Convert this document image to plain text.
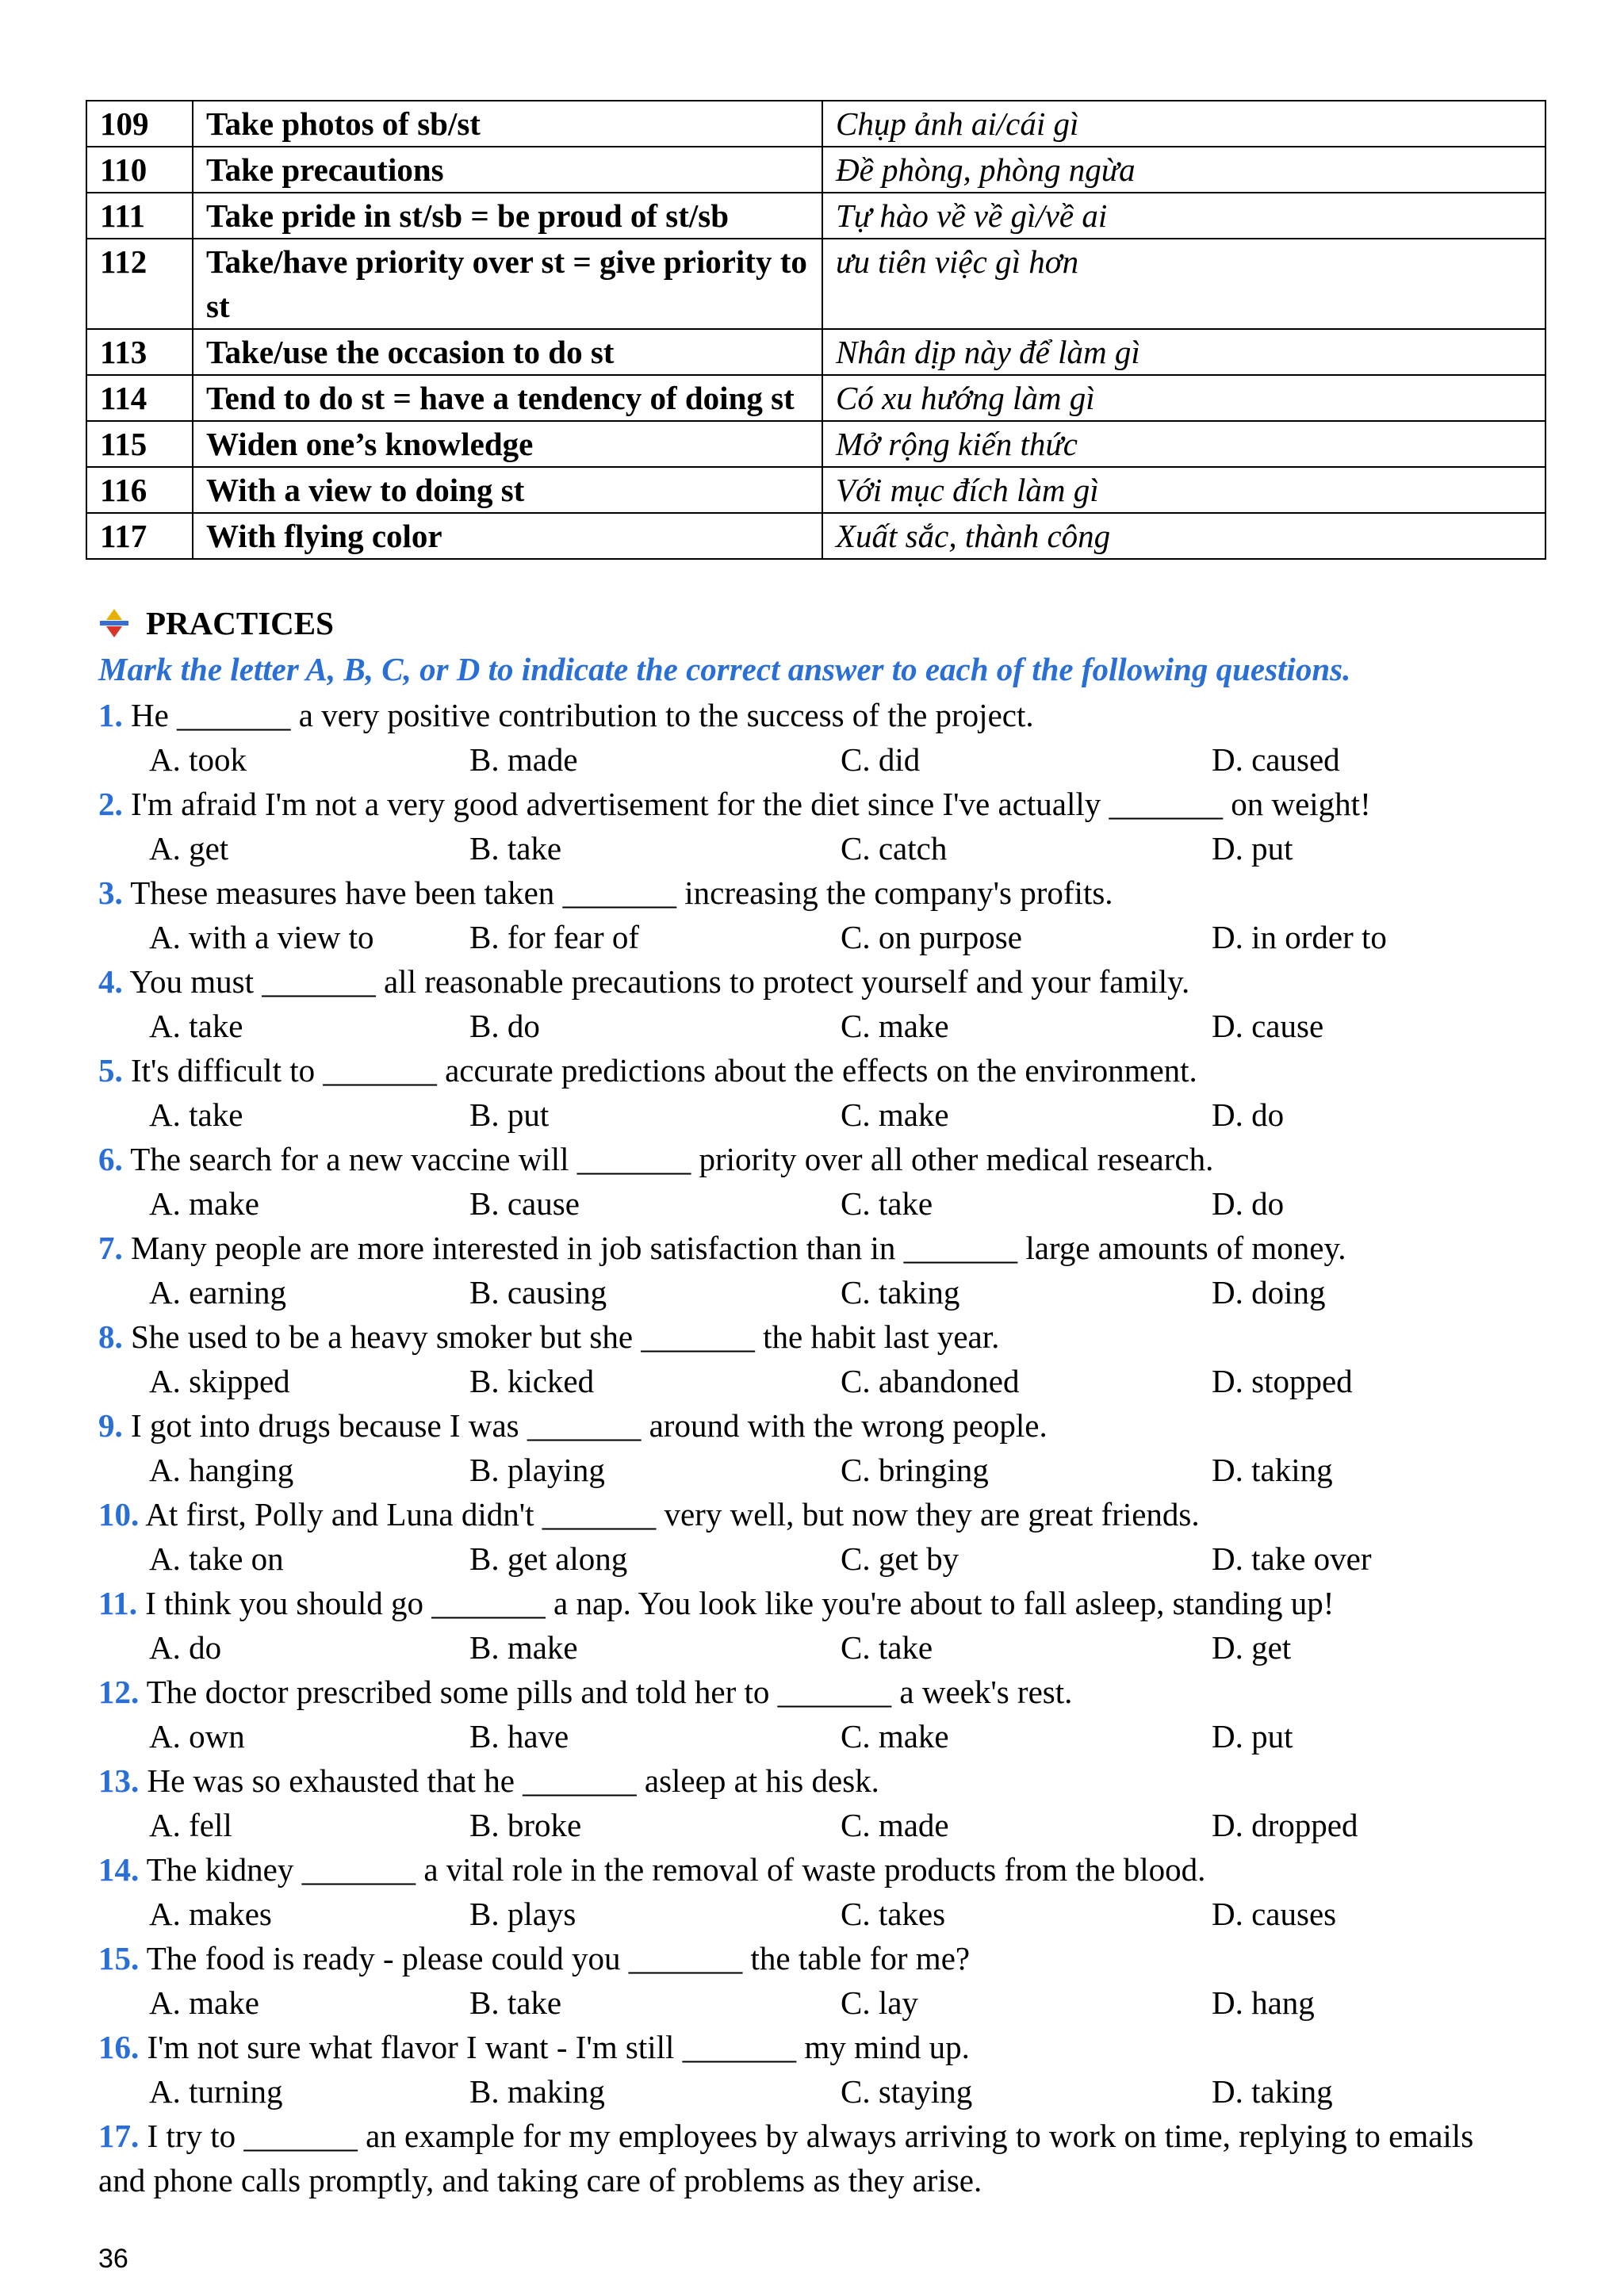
109	Take photos of sb/st	Chụp ảnh ai/cái gì
110	Take precautions	Đề phòng, phòng ngừa
111	Take pride in st/sb = be proud of st/sb	Tự hào về về gì/về ai
112	Take/have priority over st = give priority to st	ưu tiên việc gì hơn
113	Take/use the occasion to do st	Nhân dịp này để làm gì
114	Tend to do st = have a tendency of doing st	Có xu hướng làm gì
115	Widen one’s knowledge	Mở rộng kiến thức
116	With a view to doing st	Với mục đích làm gì
117	With flying color	Xuất sắc, thành công
PRACTICES
Mark the letter A, B, C, or D to indicate the correct answer to each of the following questions.
1. He _______ a very positive contribution to the success of the project.
A. took	B. made	C. did	D. caused
2. I'm afraid I'm not a very good advertisement for the diet since I've actually _______ on weight!
A. get	B. take	C. catch	D. put
3. These measures have been taken _______ increasing the company's profits.
A. with a view to	B. for fear of	C. on purpose	D. in order to
4. You must _______ all reasonable precautions to protect yourself and your family.
A. take	B. do	C. make	D. cause
5. It's difficult to _______ accurate predictions about the effects on the environment.
A. take	B. put	C. make	D. do
6. The search for a new vaccine will _______ priority over all other medical research.
A. make	B. cause	C. take	D. do
7. Many people are more interested in job satisfaction than in _______ large amounts of money.
A. earning	B. causing	C. taking	D. doing
8. She used to be a heavy smoker but she _______ the habit last year.
A. skipped	B. kicked	C. abandoned	D. stopped
9. I got into drugs because I was _______ around with the wrong people.
A. hanging	B. playing	C. bringing	D. taking
10. At first, Polly and Luna didn't _______ very well, but now they are great friends.
A. take on	B. get along	C. get by	D. take over
11. I think you should go _______ a nap. You look like you're about to fall asleep, standing up!
A. do	B. make	C. take	D. get
12. The doctor prescribed some pills and told her to _______ a week's rest.
A. own	B. have	C. make	D. put
13. He was so exhausted that he _______ asleep at his desk.
A. fell	B. broke	C. made	D. dropped
14. The kidney _______ a vital role in the removal of waste products from the blood.
A. makes	B. plays	C. takes	D. causes
15. The food is ready - please could you _______ the table for me?
A. make	B. take	C. lay	D. hang
16. I'm not sure what flavor I want - I'm still _______ my mind up.
A. turning	B. making	C. staying	D. taking
17. I try to _______ an example for my employees by always arriving to work on time, replying to emails and phone calls promptly, and taking care of problems as they arise.
36
